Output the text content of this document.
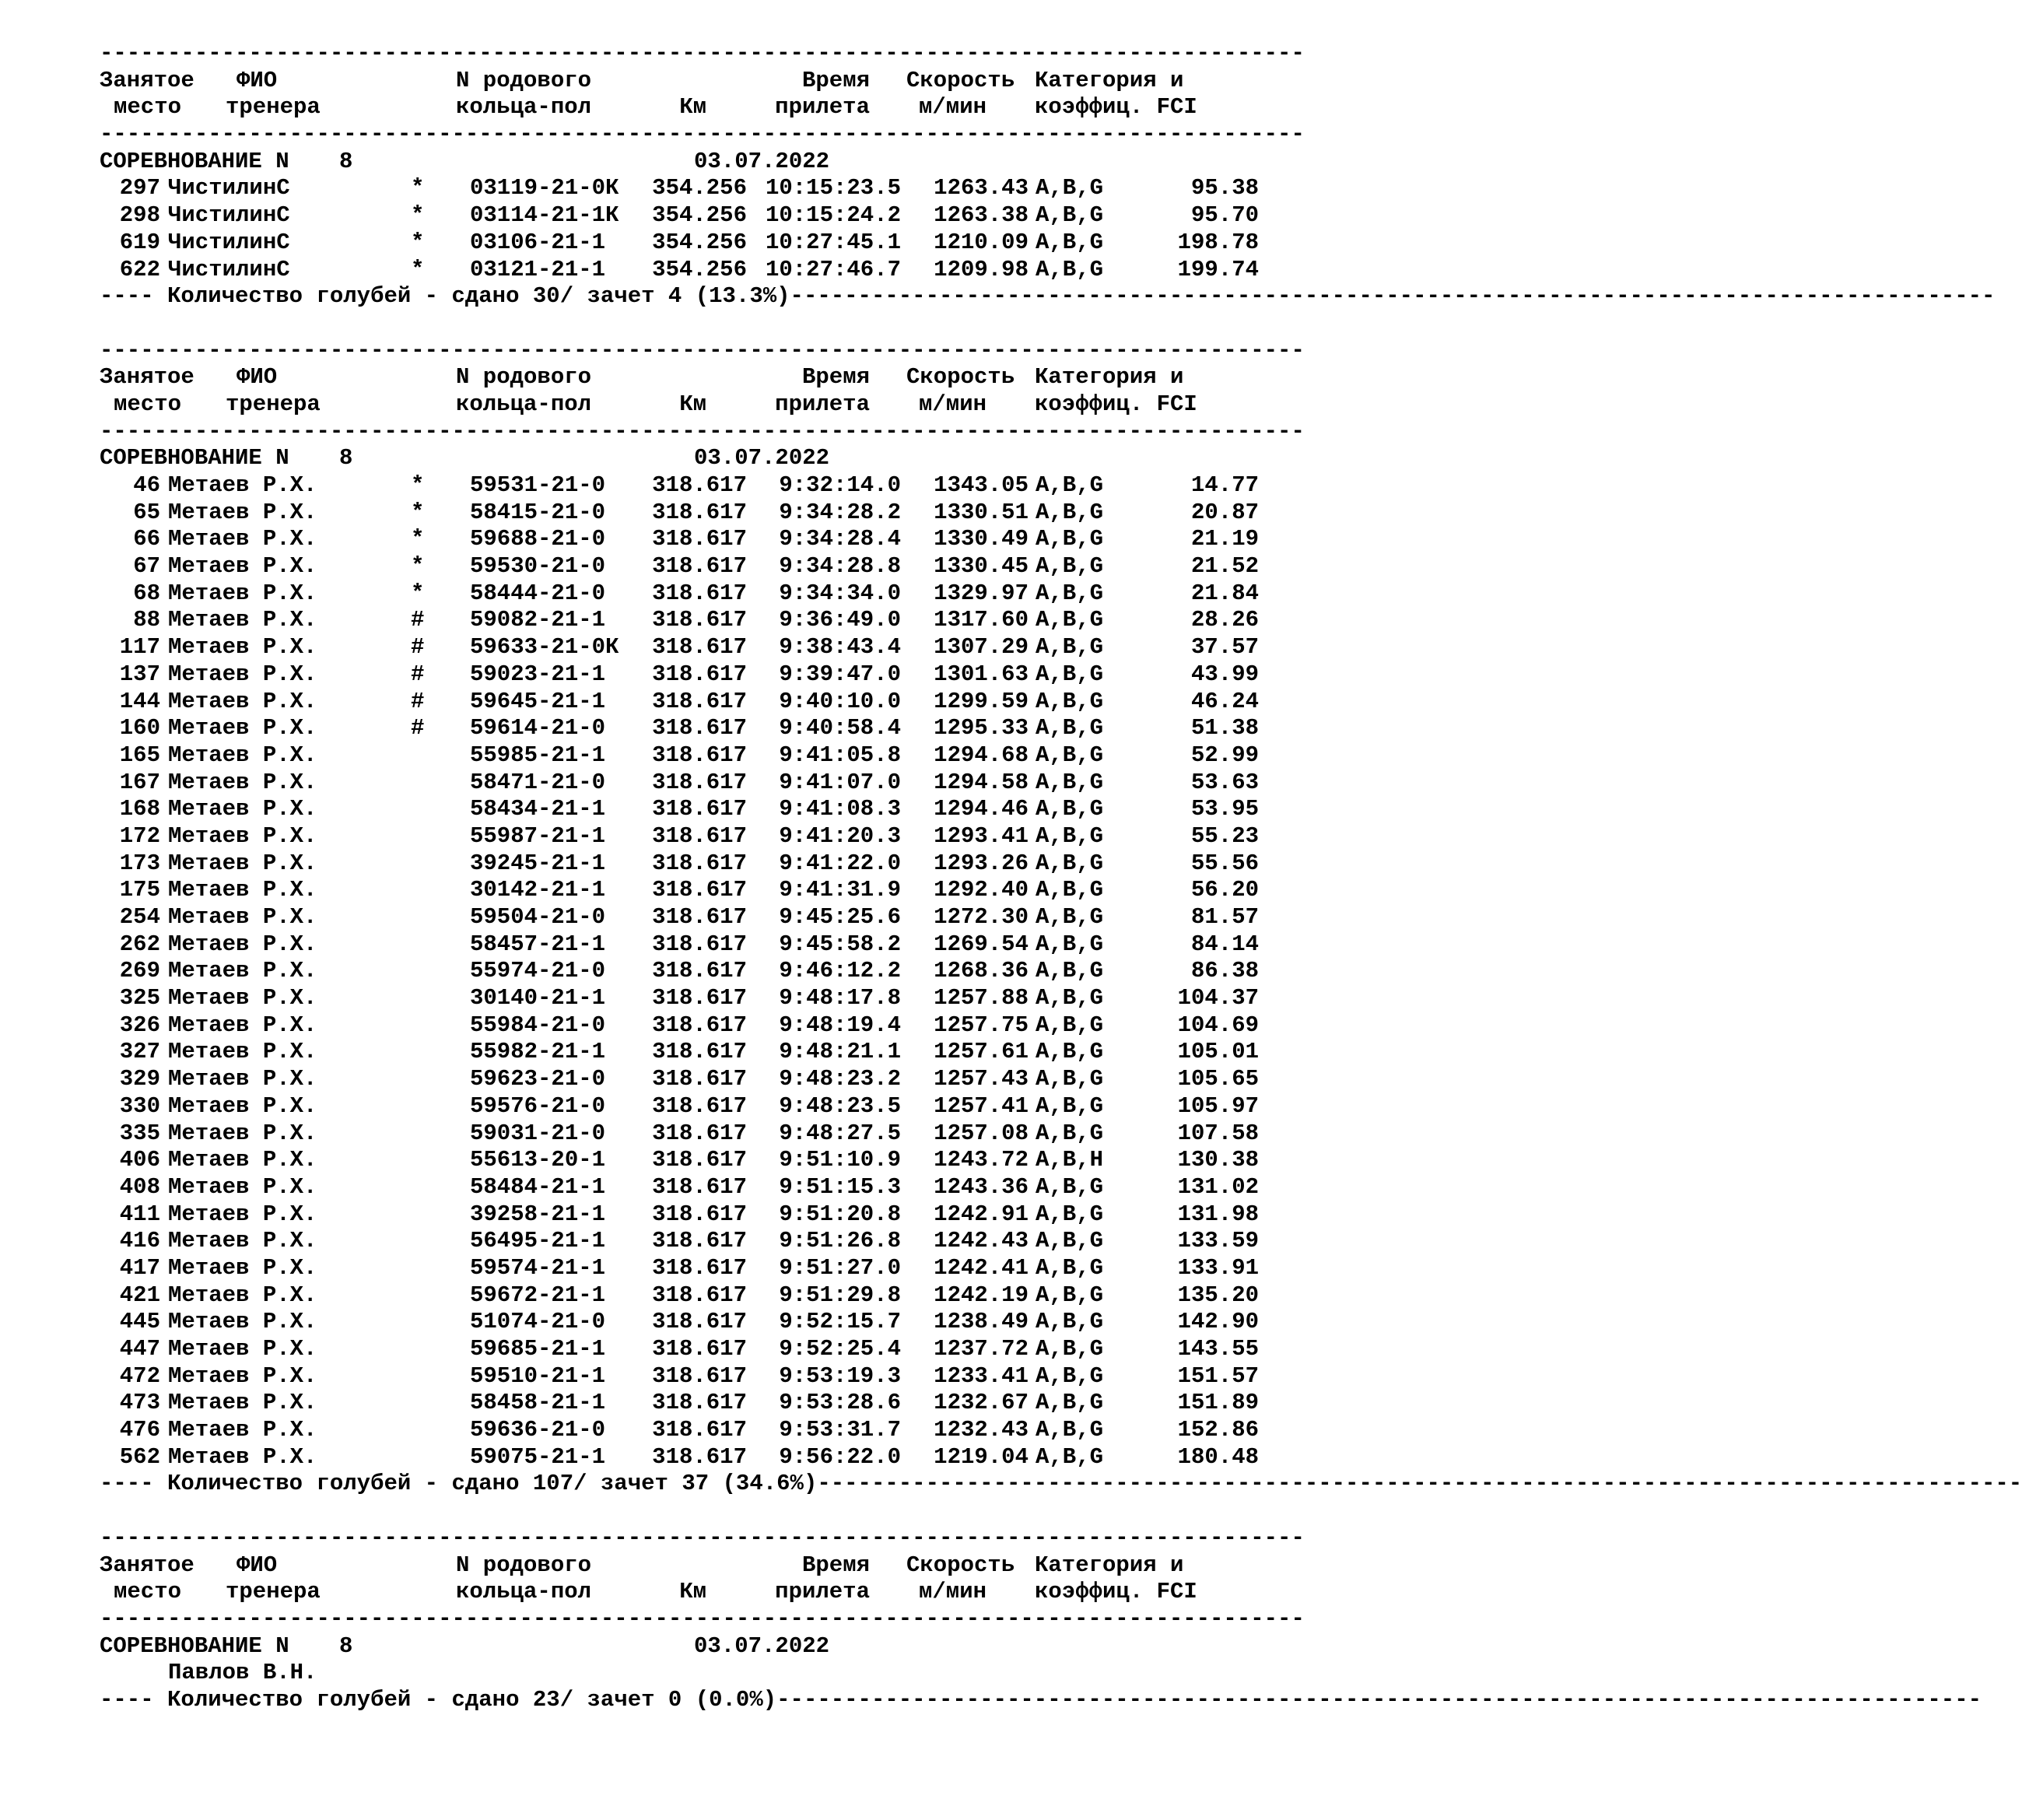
-----------------------------------------------------------------------------------------
Занятое ФИО	N родового	Время Скорость Категория и
место тренера	кольца-пол	Км	прилета	м/мин коэффиц. FCI
-----------------------------------------------------------------------------------------
СОРЕВНОВАНИЕ N 8	03.07.2022
297 ЧистилинС	* 03119-21-0К	354.256 10:15:23.5	1263.43 A,B,G	95.38
298 ЧистилинС	* 03114-21-1К	354.256 10:15:24.2	1263.38 A,B,G	95.70
619 ЧистилинС	* 03106-21-1	354.256 10:27:45.1	1210.09 A,B,G	198.78
622 ЧистилинС	* 03121-21-1	354.256 10:27:46.7	1209.98 A,B,G	199.74
---- Количество голубей - сдано 30/ зачет 4 (13.3%)-----------------------------------------------------------------------------------------
-----------------------------------------------------------------------------------------
Занятое ФИО	N родового	Время Скорость Категория и
место тренера	кольца-пол	Км	прилета	м/мин коэффиц. FCI
-----------------------------------------------------------------------------------------
СОРЕВНОВАНИЕ N 8	03.07.2022
46 Метаев Р.Х.	* 59531-21-0	318.617	9:32:14.0	1343.05 A,B,G	14.77
65 Метаев Р.Х.	* 58415-21-0	318.617	9:34:28.2	1330.51 A,B,G	20.87
66 Метаев Р.Х.	* 59688-21-0	318.617	9:34:28.4	1330.49 A,B,G	21.19
67 Метаев Р.Х.	* 59530-21-0	318.617	9:34:28.8	1330.45 A,B,G	21.52
68 Метаев Р.Х.	* 58444-21-0	318.617	9:34:34.0	1329.97 A,B,G	21.84
88 Метаев Р.Х.	# 59082-21-1	318.617	9:36:49.0	1317.60 A,B,G	28.26
117 Метаев Р.Х.	# 59633-21-0К	318.617	9:38:43.4	1307.29 A,B,G	37.57
137 Метаев Р.Х.	# 59023-21-1	318.617	9:39:47.0	1301.63 A,B,G	43.99
144 Метаев Р.Х.	# 59645-21-1	318.617	9:40:10.0	1299.59 A,B,G	46.24
160 Метаев Р.Х.	# 59614-21-0	318.617	9:40:58.4	1295.33 A,B,G	51.38
165 Метаев Р.Х.	55985-21-1	318.617	9:41:05.8	1294.68 A,B,G	52.99
167 Метаев Р.Х.	58471-21-0	318.617	9:41:07.0	1294.58 A,B,G	53.63
168 Метаев Р.Х.	58434-21-1	318.617	9:41:08.3	1294.46 A,B,G	53.95
172 Метаев Р.Х.	55987-21-1	318.617	9:41:20.3	1293.41 A,B,G	55.23
173 Метаев Р.Х.	39245-21-1	318.617	9:41:22.0	1293.26 A,B,G	55.56
175 Метаев Р.Х.	30142-21-1	318.617	9:41:31.9	1292.40 A,B,G	56.20
254 Метаев Р.Х.	59504-21-0	318.617	9:45:25.6	1272.30 A,B,G	81.57
262 Метаев Р.Х.	58457-21-1	318.617	9:45:58.2	1269.54 A,B,G	84.14
269 Метаев Р.Х.	55974-21-0	318.617	9:46:12.2	1268.36 A,B,G	86.38
325 Метаев Р.Х.	30140-21-1	318.617	9:48:17.8	1257.88 A,B,G	104.37
326 Метаев Р.Х.	55984-21-0	318.617	9:48:19.4	1257.75 A,B,G	104.69
327 Метаев Р.Х.	55982-21-1	318.617	9:48:21.1	1257.61 A,B,G	105.01
329 Метаев Р.Х.	59623-21-0	318.617	9:48:23.2	1257.43 A,B,G	105.65
330 Метаев Р.Х.	59576-21-0	318.617	9:48:23.5	1257.41 A,B,G	105.97
335 Метаев Р.Х.	59031-21-0	318.617	9:48:27.5	1257.08 A,B,G	107.58
406 Метаев Р.Х.	55613-20-1	318.617	9:51:10.9	1243.72 A,B,H	130.38
408 Метаев Р.Х.	58484-21-1	318.617	9:51:15.3	1243.36 A,B,G	131.02
411 Метаев Р.Х.	39258-21-1	318.617	9:51:20.8	1242.91 A,B,G	131.98
416 Метаев Р.Х.	56495-21-1	318.617	9:51:26.8	1242.43 A,B,G	133.59
417 Метаев Р.Х.	59574-21-1	318.617	9:51:27.0	1242.41 A,B,G	133.91
421 Метаев Р.Х.	59672-21-1	318.617	9:51:29.8	1242.19 A,B,G	135.20
445 Метаев Р.Х.	51074-21-0	318.617	9:52:15.7	1238.49 A,B,G	142.90
447 Метаев Р.Х.	59685-21-1	318.617	9:52:25.4	1237.72 A,B,G	143.55
472 Метаев Р.Х.	59510-21-1	318.617	9:53:19.3	1233.41 A,B,G	151.57
473 Метаев Р.Х.	58458-21-1	318.617	9:53:28.6	1232.67 A,B,G	151.89
476 Метаев Р.Х.	59636-21-0	318.617	9:53:31.7	1232.43 A,B,G	152.86
562 Метаев Р.Х.	59075-21-1	318.617	9:56:22.0	1219.04 A,B,G	180.48
---- Количество голубей - сдано 107/ зачет 37 (34.6%)-----------------------------------------------------------------------------------------
-----------------------------------------------------------------------------------------
Занятое ФИО	N родового	Время Скорость Категория и
место тренера	кольца-пол	Км	прилета	м/мин коэффиц. FCI
-----------------------------------------------------------------------------------------
СОРЕВНОВАНИЕ N 8	03.07.2022
Павлов В.Н.
---- Количество голубей - сдано 23/ зачет 0 (0.0%)-----------------------------------------------------------------------------------------
